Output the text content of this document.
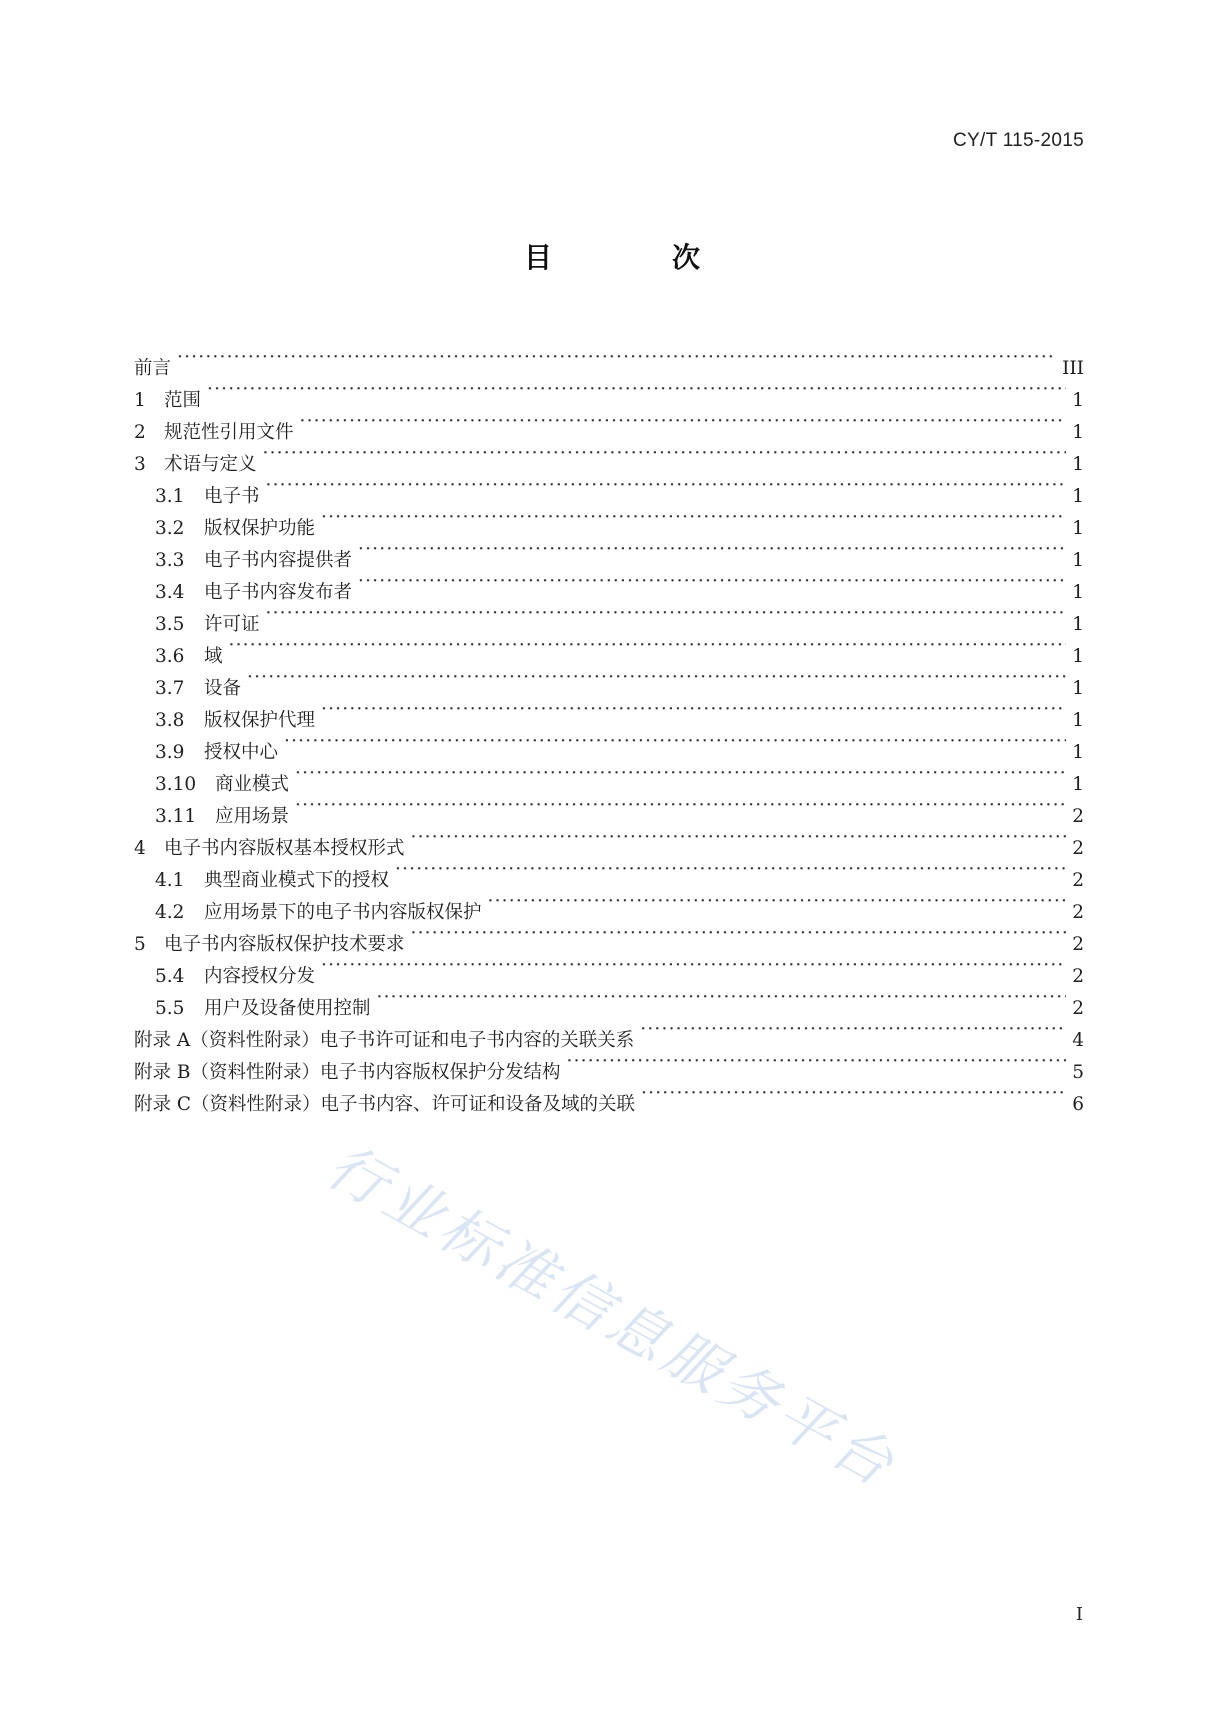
CY/T 115-2015
目　次
前言 ·····	III
1 范围 ·····	1
2 规范性引用文件 ·····	1
3 术语与定义 ·····	1
3.1	电子书 ·····	1
3.2	版权保护功能 ·····	1
3.3	电子书内容提供者 ·····	1
3.4	电子书内容发布者 ·····	1
3.5	许可证 ·····	1
3.6	域 ·····	1
3.7	设备 ·····	1
3.8	版权保护代理 ·····	1
3.9	授权中心 ·····	1
3.10	商业模式 ·····	1
3.11	应用场景 ·····	2
4 电子书内容版权基本授权形式 ·····	2
4.1	典型商业模式下的授权 ·····	2
4.2	应用场景下的电子书内容版权保护 ·····	2
5 电子书内容版权保护技术要求 ·····	2
5.4	内容授权分发 ·····	2
5.5	用户及设备使用控制 ·····	2
附录 A（资料性附录）电子书许可证和电子书内容的关联关系 ·····	4
附录 B（资料性附录）电子书内容版权保护分发结构 ·····	5
附录 C（资料性附录）电子书内容、许可证和设备及域的关联 ·····	6
行业标准信息服务平台
I
